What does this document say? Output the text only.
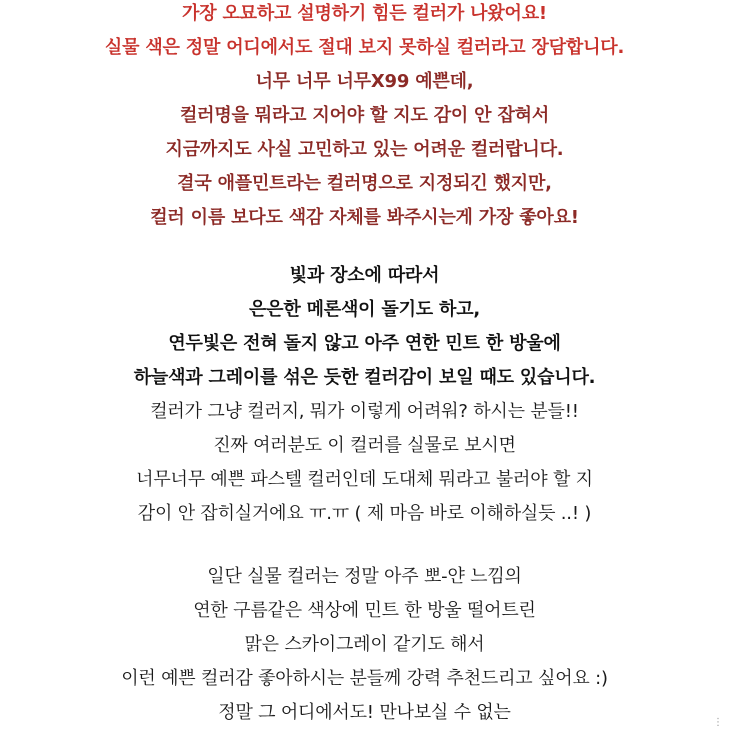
가장 오묘하고 설명하기 힘든 컬러가 나왔어요!
실물 색은 정말 어디에서도 절대 보지 못하실 컬러라고 장담합니다.
너무 너무 너무X99 예쁜데,
컬러명을 뭐라고 지어야 할 지도 감이 안 잡혀서
지금까지도 사실 고민하고 있는 어려운 컬러랍니다.
결국 애플민트라는 컬러명으로 지정되긴 했지만,
컬러 이름 보다도 색감 자체를 봐주시는게 가장 좋아요!
빛과 장소에 따라서
은은한 메론색이 돌기도 하고,
연두빛은 전혀 돌지 않고 아주 연한 민트 한 방울에
하늘색과 그레이를 섞은 듯한 컬러감이 보일 때도 있습니다.
컬러가 그냥 컬러지, 뭐가 이렇게 어려워? 하시는 분들!!
진짜 여러분도 이 컬러를 실물로 보시면
너무너무 예쁜 파스텔 컬러인데 도대체 뭐라고 불러야 할 지
감이 안 잡히실거에요 ㅠ.ㅠ ( 제 마음 바로 이해하실듯 ..! )
일단 실물 컬러는 정말 아주 뽀-얀 느낌의
연한 구름같은 색상에 민트 한 방울 떨어트린
맑은 스카이그레이 같기도 해서
이런 예쁜 컬러감 좋아하시는 분들께 강력 추천드리고 싶어요 :)
정말 그 어디에서도! 만나보실 수 없는	⋮
